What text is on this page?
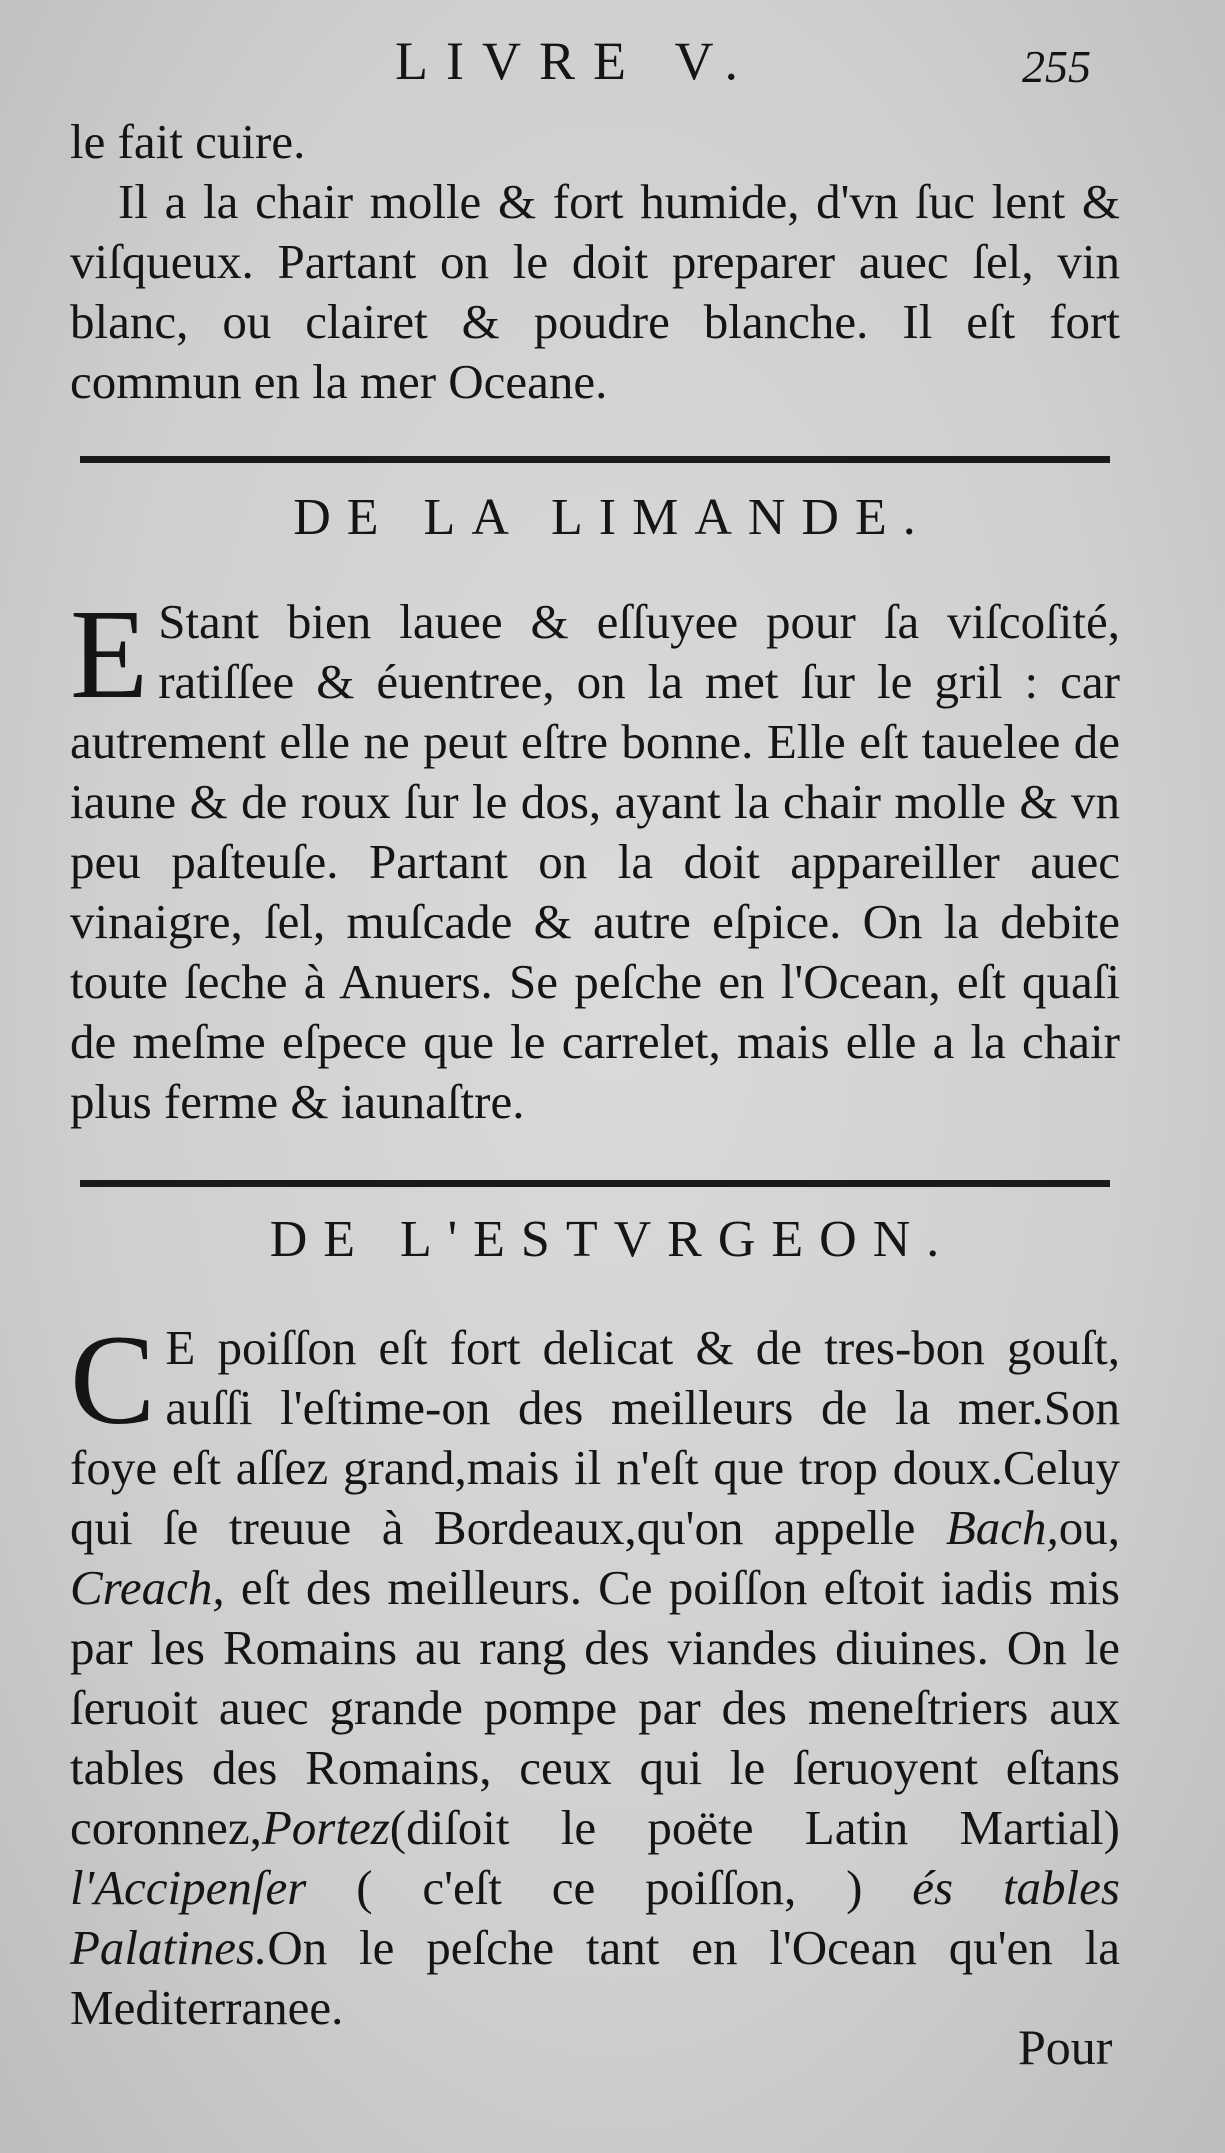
LIVRE V.	255

le fait cuire.

Il a la chair molle & fort humide, d'vn ſuc lent & viſqueux. Partant on le doit preparer auec ſel, vin blanc, ou clairet & poudre blanche. Il eſt fort commun en la mer Oceane.

DE LA LIMANDE.

E Stant bien lauee & eſſuyee pour ſa viſcoſité, ratiſſee & éuentree, on la met ſur le gril : car autrement elle ne peut eſtre bonne. Elle eſt tauelee de iaune & de roux ſur le dos, ayant la chair molle & vn peu paſteuſe. Partant on la doit appareiller auec vinaigre, ſel, muſcade & autre eſpice. On la debite toute ſeche à Anuers. Se peſche en l'Ocean, eſt quaſi de meſme eſpece que le carrelet, mais elle a la chair plus ferme & iaunaſtre.

DE L'ESTVRGEON.

C E poiſſon eſt fort delicat & de tres-bon gouſt, auſſi l'eſtime-on des meilleurs de la mer.Son foye eſt aſſez grand,mais il n'eſt que trop doux.Celuy qui ſe treuue à Bordeaux,qu'on appelle Bach,ou, Creach, eſt des meilleurs. Ce poiſſon eſtoit iadis mis par les Romains au rang des viandes diuines. On le ſeruoit auec grande pompe par des meneſtriers aux tables des Romains, ceux qui le ſeruoyent eſtans coronnez,Portez(diſoit le poëte Latin Martial) l'Accipenſer ( c'eſt ce poiſſon, ) és tables Palatines.On le peſche tant en l'Ocean qu'en la Mediterranee.

Pour
